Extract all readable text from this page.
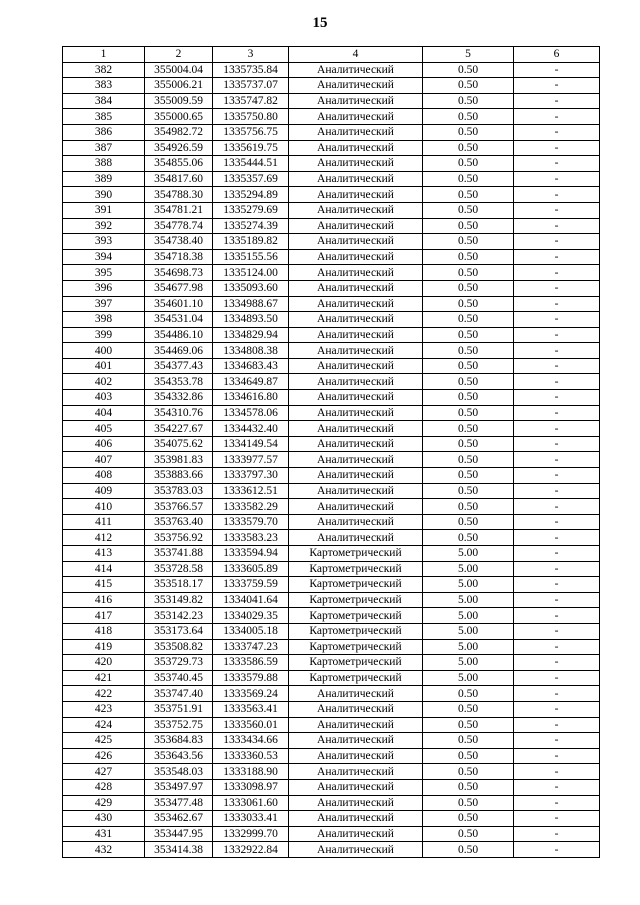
15
1	2	3	4	5	6
382	355004.04	1335735.84	Аналитический	0.50	-
383	355006.21	1335737.07	Аналитический	0.50	-
384	355009.59	1335747.82	Аналитический	0.50	-
385	355000.65	1335750.80	Аналитический	0.50	-
386	354982.72	1335756.75	Аналитический	0.50	-
387	354926.59	1335619.75	Аналитический	0.50	-
388	354855.06	1335444.51	Аналитический	0.50	-
389	354817.60	1335357.69	Аналитический	0.50	-
390	354788.30	1335294.89	Аналитический	0.50	-
391	354781.21	1335279.69	Аналитический	0.50	-
392	354778.74	1335274.39	Аналитический	0.50	-
393	354738.40	1335189.82	Аналитический	0.50	-
394	354718.38	1335155.56	Аналитический	0.50	-
395	354698.73	1335124.00	Аналитический	0.50	-
396	354677.98	1335093.60	Аналитический	0.50	-
397	354601.10	1334988.67	Аналитический	0.50	-
398	354531.04	1334893.50	Аналитический	0.50	-
399	354486.10	1334829.94	Аналитический	0.50	-
400	354469.06	1334808.38	Аналитический	0.50	-
401	354377.43	1334683.43	Аналитический	0.50	-
402	354353.78	1334649.87	Аналитический	0.50	-
403	354332.86	1334616.80	Аналитический	0.50	-
404	354310.76	1334578.06	Аналитический	0.50	-
405	354227.67	1334432.40	Аналитический	0.50	-
406	354075.62	1334149.54	Аналитический	0.50	-
407	353981.83	1333977.57	Аналитический	0.50	-
408	353883.66	1333797.30	Аналитический	0.50	-
409	353783.03	1333612.51	Аналитический	0.50	-
410	353766.57	1333582.29	Аналитический	0.50	-
411	353763.40	1333579.70	Аналитический	0.50	-
412	353756.92	1333583.23	Аналитический	0.50	-
413	353741.88	1333594.94	Картометрический	5.00	-
414	353728.58	1333605.89	Картометрический	5.00	-
415	353518.17	1333759.59	Картометрический	5.00	-
416	353149.82	1334041.64	Картометрический	5.00	-
417	353142.23	1334029.35	Картометрический	5.00	-
418	353173.64	1334005.18	Картометрический	5.00	-
419	353508.82	1333747.23	Картометрический	5.00	-
420	353729.73	1333586.59	Картометрический	5.00	-
421	353740.45	1333579.88	Картометрический	5.00	-
422	353747.40	1333569.24	Аналитический	0.50	-
423	353751.91	1333563.41	Аналитический	0.50	-
424	353752.75	1333560.01	Аналитический	0.50	-
425	353684.83	1333434.66	Аналитический	0.50	-
426	353643.56	1333360.53	Аналитический	0.50	-
427	353548.03	1333188.90	Аналитический	0.50	-
428	353497.97	1333098.97	Аналитический	0.50	-
429	353477.48	1333061.60	Аналитический	0.50	-
430	353462.67	1333033.41	Аналитический	0.50	-
431	353447.95	1332999.70	Аналитический	0.50	-
432	353414.38	1332922.84	Аналитический	0.50	-
